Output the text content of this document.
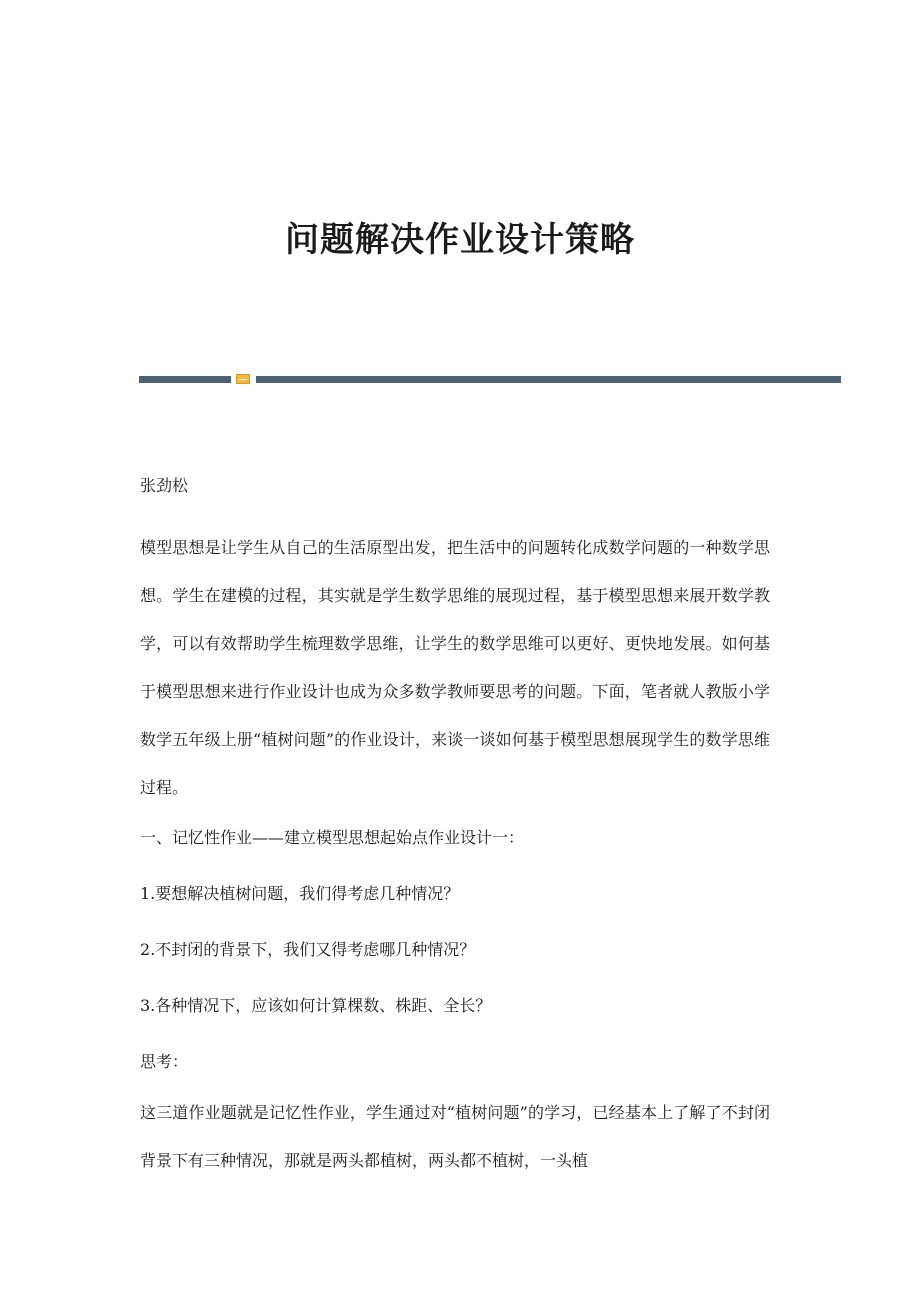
问题解决作业设计策略

张劲松

模型思想是让学生从自己的生活原型出发，把生活中的问题转化成数学问题的一种数学思想。学生在建模的过程，其实就是学生数学思维的展现过程，基于模型思想来展开数学教学，可以有效帮助学生梳理数学思维，让学生的数学思维可以更好、更快地发展。如何基于模型思想来进行作业设计也成为众多数学教师要思考的问题。下面，笔者就人教版小学数学五年级上册“植树问题”的作业设计，来谈一谈如何基于模型思想展现学生的数学思维过程。

一、记忆性作业——建立模型思想起始点作业设计一：

1.要想解决植树问题，我们得考虑几种情况？

2.不封闭的背景下，我们又得考虑哪几种情况？

3.各种情况下，应该如何计算棵数、株距、全长？

思考：

这三道作业题就是记忆性作业，学生通过对“植树问题”的学习，已经基本上了解了不封闭背景下有三种情况，那就是两头都植树，两头都不植树，一头植
